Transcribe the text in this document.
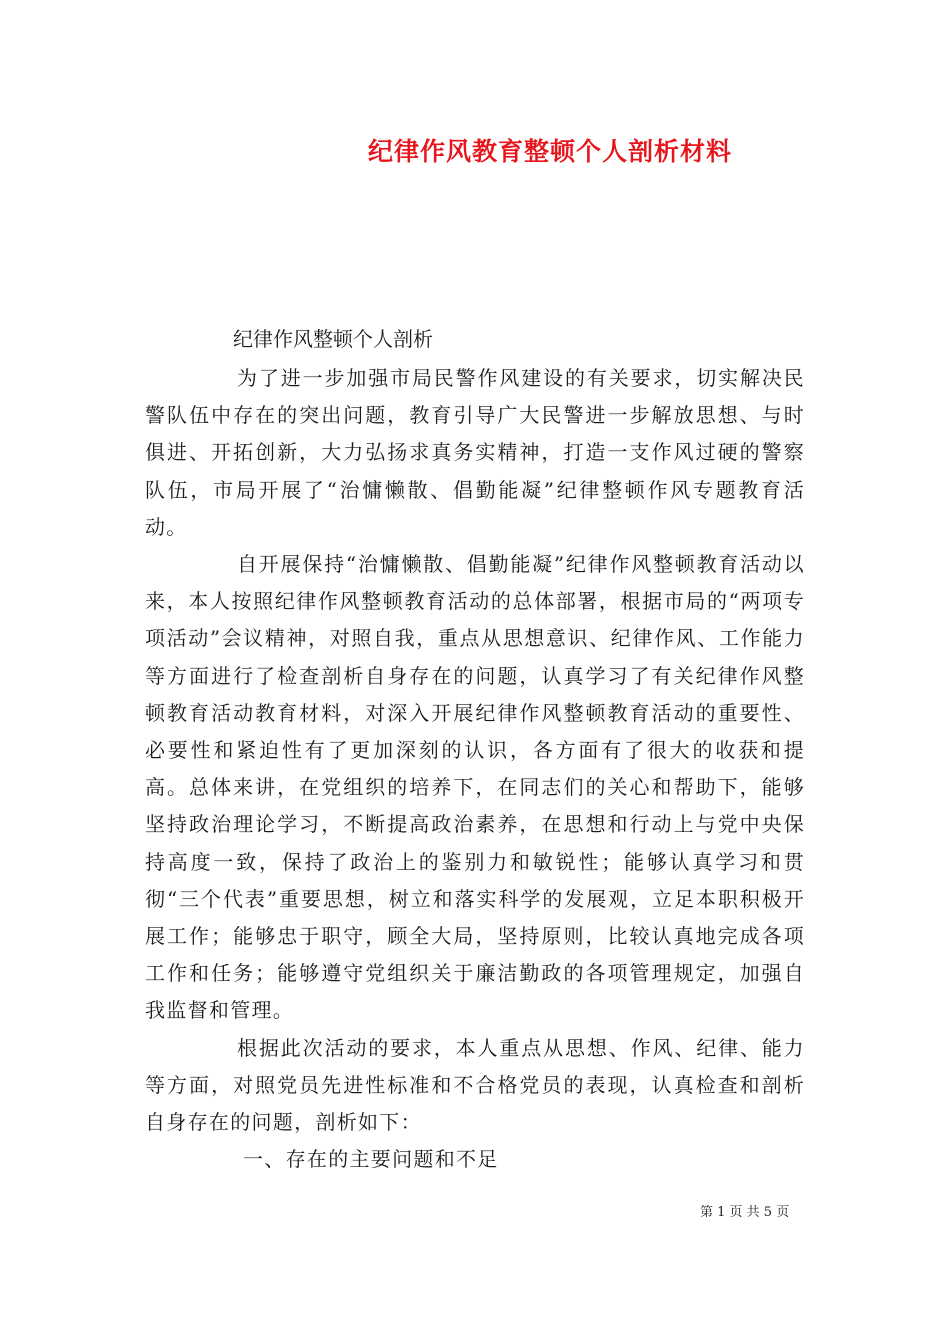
纪律作风教育整顿个人剖析材料
纪律作风整顿个人剖析

为了进一步加强市局民警作风建设的有关要求，切实解决民警队伍中存在的突出问题，教育引导广大民警进一步解放思想、与时俱进、开拓创新，大力弘扬求真务实精神，打造一支作风过硬的警察队伍，市局开展了“治慵懒散、倡勤能凝”纪律整顿作风专题教育活动。

自开展保持“治慵懒散、倡勤能凝”纪律作风整顿教育活动以来，本人按照纪律作风整顿教育活动的总体部署，根据市局的“两项专项活动”会议精神，对照自我，重点从思想意识、纪律作风、工作能力等方面进行了检查剖析自身存在的问题，认真学习了有关纪律作风整顿教育活动教育材料，对深入开展纪律作风整顿教育活动的重要性、必要性和紧迫性有了更加深刻的认识，各方面有了很大的收获和提高。总体来讲，在党组织的培养下，在同志们的关心和帮助下，能够坚持政治理论学习，不断提高政治素养，在思想和行动上与党中央保持高度一致，保持了政治上的鉴别力和敏锐性；能够认真学习和贯彻“三个代表”重要思想，树立和落实科学的发展观，立足本职积极开展工作；能够忠于职守，顾全大局，坚持原则，比较认真地完成各项工作和任务；能够遵守党组织关于廉洁勤政的各项管理规定，加强自我监督和管理。

根据此次活动的要求，本人重点从思想、作风、纪律、能力等方面，对照党员先进性标准和不合格党员的表现，认真检查和剖析自身存在的问题，剖析如下：

一、存在的主要问题和不足

第 1 页 共 5 页
